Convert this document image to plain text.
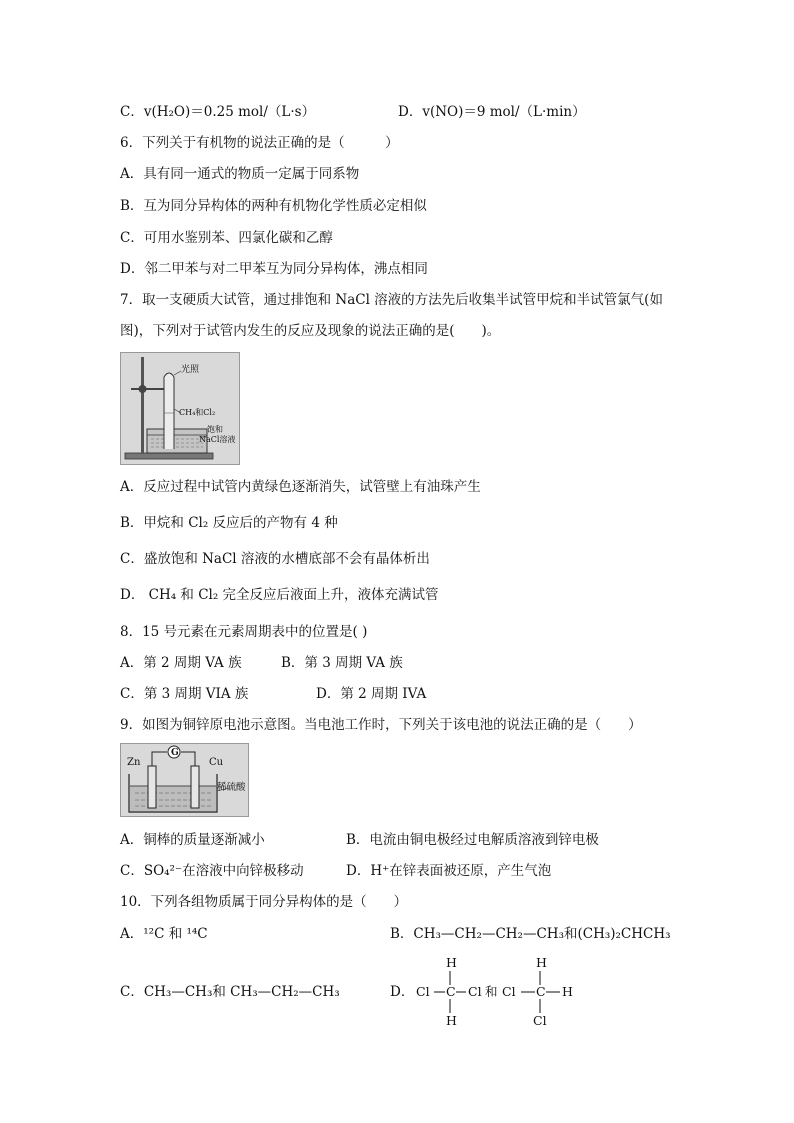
C．v(H₂O)＝0.25 mol/（L·s）	D．v(NO)＝9 mol/（L·min）
6．下列关于有机物的说法正确的是（　　　）
A．具有同一通式的物质一定属于同系物
B．互为同分异构体的两种有机物化学性质必定相似
C．可用水鉴别苯、四氯化碳和乙醇
D．邻二甲苯与对二甲苯互为同分异构体，沸点相同
7．取一支硬质大试管，通过排饱和 NaCl 溶液的方法先后收集半试管甲烷和半试管氯气(如
图)，下列对于试管内发生的反应及现象的说法正确的是(　　)。
光照
CH₄和Cl₂
饱和
NaCl溶液
A．反应过程中试管内黄绿色逐渐消失，试管壁上有油珠产生
B．甲烷和 Cl₂ 反应后的产物有 4 种
C．盛放饱和 NaCl 溶液的水槽底部不会有晶体析出
D． CH₄ 和 Cl₂ 完全反应后液面上升，液体充满试管
8．15 号元素在元素周期表中的位置是( )
A．第 2 周期 VA 族	B．第 3 周期 VA 族
C．第 3 周期 VIA 族	D．第 2 周期 IVA
9．如图为铜锌原电池示意图。当电池工作时，下列关于该电池的说法正确的是（　　）
G
Zn	Cu
稀硫酸
A．铜棒的质量逐渐减小	B．电流由铜电极经过电解质溶液到锌电极
C．SO₄²⁻在溶液中向锌极移动	D．H⁺在锌表面被还原，产生气泡
10．下列各组物质属于同分异构体的是（　　）
A．¹²C 和 ¹⁴C	B．CH₃—CH₂—CH₂—CH₃和(CH₃)₂CHCH₃
C．CH₃—CH₃和 CH₃—CH₂—CH₃	D．
H
Cl C Cl
H
和
H
Cl C H
Cl
